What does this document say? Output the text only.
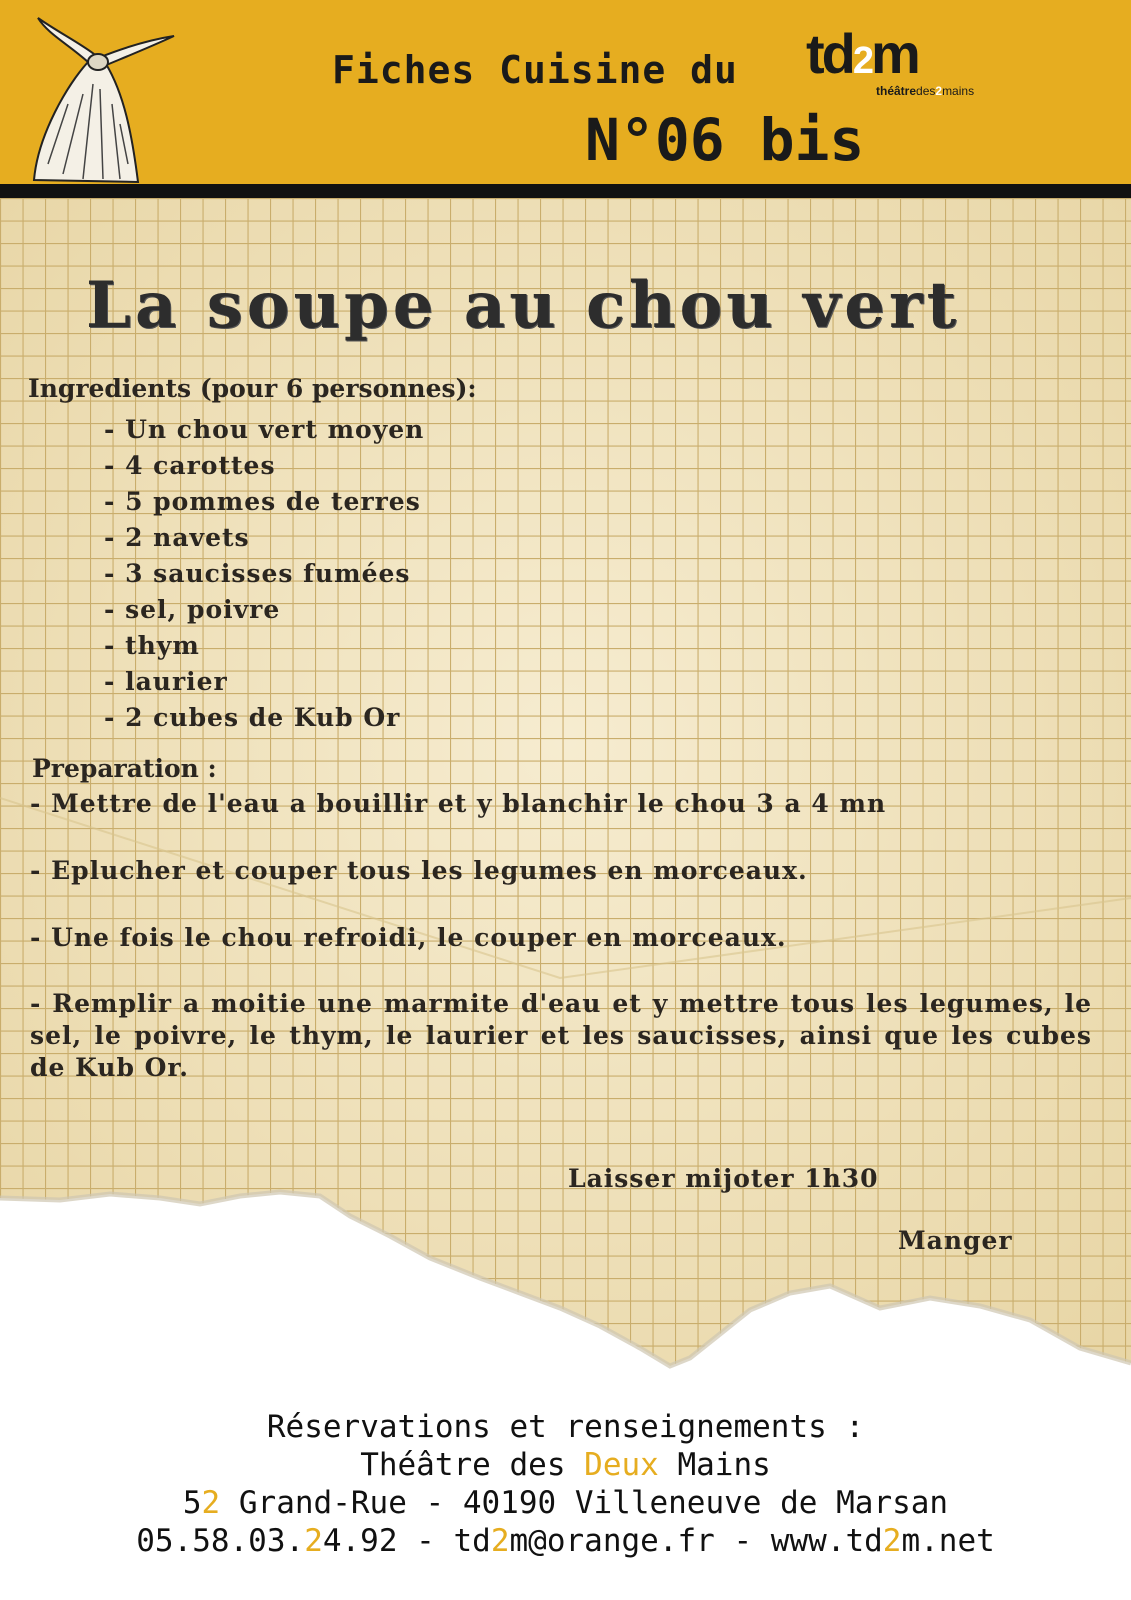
Fiches Cuisine du
N°06 bis
td2m
théâtredes2mains
La soupe au chou vert
Ingredients (pour 6 personnes):
- Un chou vert moyen
- 4 carottes
- 5 pommes de terres
- 2 navets
- 3 saucisses fumées
- sel, poivre
- thym
- laurier
- 2 cubes de Kub Or
Preparation :
- Mettre de l'eau a bouillir et y blanchir le chou 3 a 4 mn
- Eplucher et couper tous les legumes en morceaux.
- Une fois le chou refroidi, le couper en morceaux.
- Remplir a moitie une marmite d'eau et y mettre tous les legumes, le sel, le poivre, le thym, le laurier et les saucisses, ainsi que les cubes de Kub Or.
Laisser mijoter 1h30
Manger
Réservations et renseignements :
Théâtre des Deux Mains
52 Grand-Rue - 40190 Villeneuve de Marsan
05.58.03.24.92 - td2m@orange.fr - www.td2m.net
